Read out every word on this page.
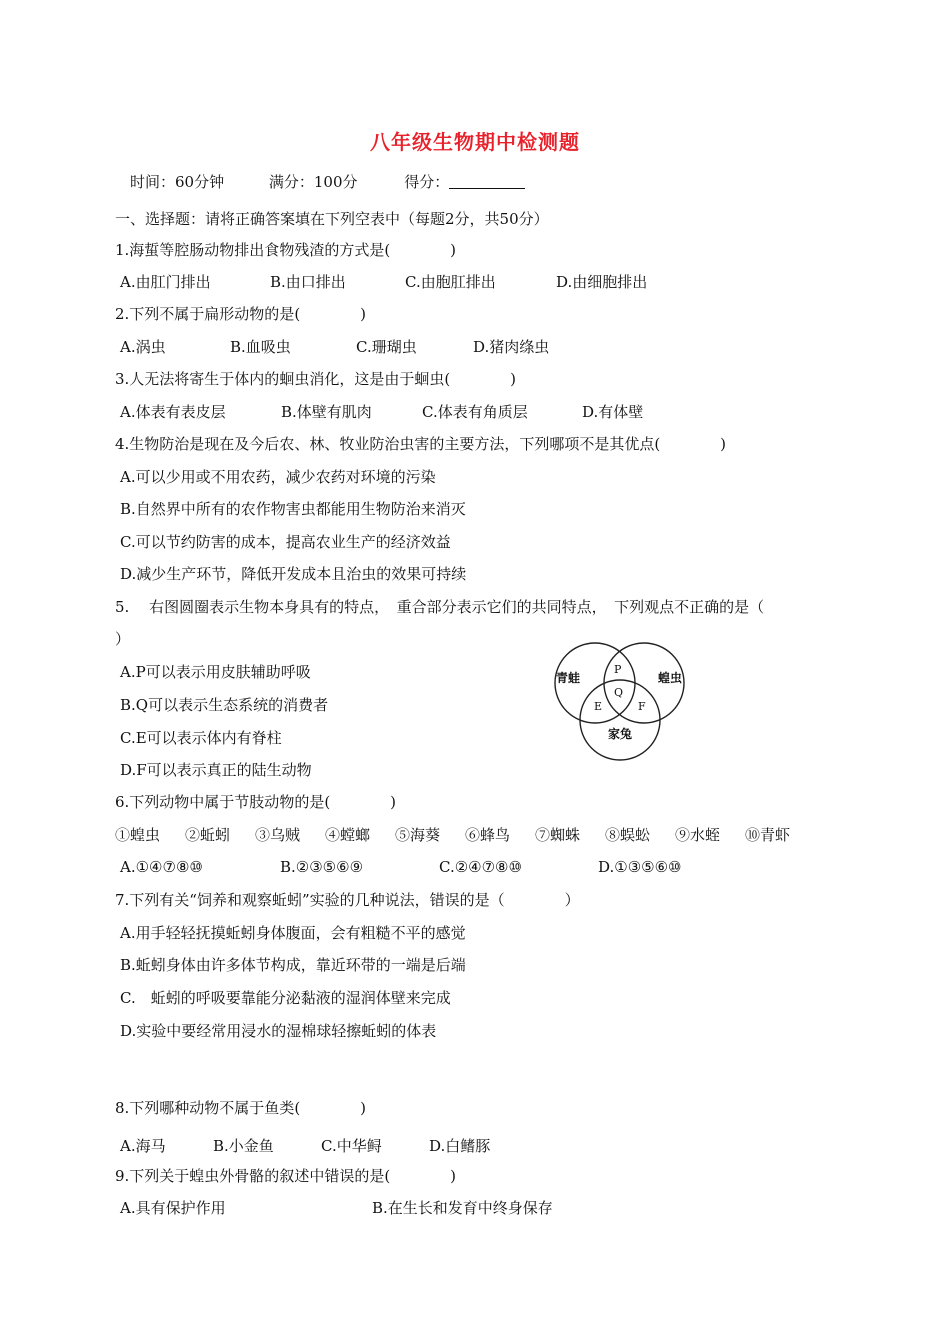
八年级生物期中检测题
时间：60分钟	满分：100分	得分：
一、选择题：请将正确答案填在下列空表中（每题2分，共50分）
1.海蜇等腔肠动物排出食物残渣的方式是(　　　　)
A.由肛门排出	B.由口排出	C.由胞肛排出	D.由细胞排出
2.下列不属于扁形动物的是(　　　　)
A.涡虫	B.血吸虫	C.珊瑚虫	D.猪肉绦虫
3.人无法将寄生于体内的蛔虫消化，这是由于蛔虫(　　　　)
A.体表有表皮层	B.体壁有肌肉	C.体表有角质层	D.有体壁
4.生物防治是现在及今后农、林、牧业防治虫害的主要方法，下列哪项不是其优点(　　　　)
A.可以少用或不用农药，减少农药对环境的污染
B.自然界中所有的农作物害虫都能用生物防治来消灭
C.可以节约防害的成本，提高农业生产的经济效益
D.减少生产环节，降低开发成本且治虫的效果可持续
5.　 右图圆圈表示生物本身具有的特点，　重合部分表示它们的共同特点，　下列观点不正确的是（
）
A.P可以表示用皮肤辅助呼吸
B.Q可以表示生态系统的消费者
C.E可以表示体内有脊柱
D.F可以表示真正的陆生动物
青蛙	蝗虫
家兔
P
Q
E	F
6.下列动物中属于节肢动物的是(　　　　)
①蝗虫 ②蚯蚓 ③乌贼 ④螳螂 ⑤海葵 ⑥蜂鸟 ⑦蜘蛛 ⑧蜈蚣 ⑨水蛭 ⑩青虾
A.①④⑦⑧⑩	B.②③⑤⑥⑨	C.②④⑦⑧⑩	D.①③⑤⑥⑩
7.下列有关“饲养和观察蚯蚓”实验的几种说法，错误的是（　　　　）
A.用手轻轻抚摸蚯蚓身体腹面，会有粗糙不平的感觉
B.蚯蚓身体由许多体节构成，靠近环带的一端是后端
C.　蚯蚓的呼吸要靠能分泌黏液的湿润体壁来完成
D.实验中要经常用浸水的湿棉球轻擦蚯蚓的体表
8.下列哪种动物不属于鱼类(　　　　)
A.海马	B.小金鱼	C.中华鲟	D.白鳍豚
9.下列关于蝗虫外骨骼的叙述中错误的是(　　　　)
A.具有保护作用	B.在生长和发育中终身保存
